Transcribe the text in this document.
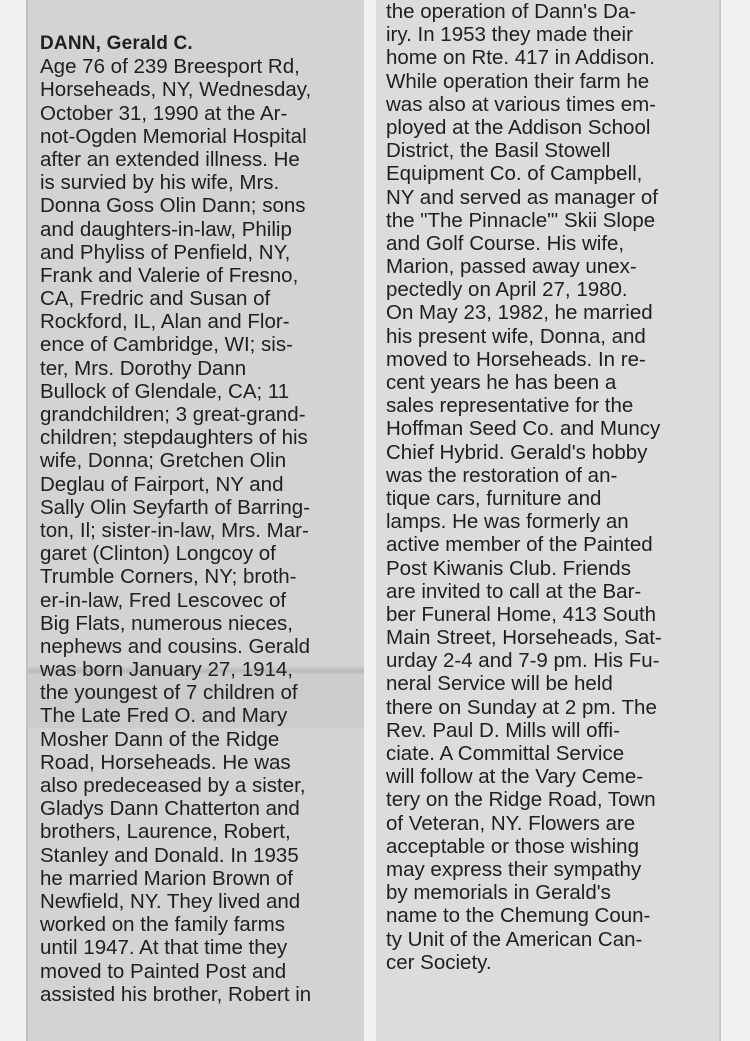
DANN, Gerald C.
Age 76 of 239 Breesport Rd,
Horseheads, NY, Wednesday,
October 31, 1990 at the Ar-
not-Ogden Memorial Hospital
after an extended illness. He
is survied by his wife, Mrs.
Donna Goss Olin Dann; sons
and daughters-in-law, Philip
and Phyliss of Penfield, NY,
Frank and Valerie of Fresno,
CA, Fredric and Susan of
Rockford, IL, Alan and Flor-
ence of Cambridge, WI; sis-
ter, Mrs. Dorothy Dann
Bullock of Glendale, CA; 11
grandchildren; 3 great-grand-
children; stepdaughters of his
wife, Donna; Gretchen Olin
Deglau of Fairport, NY and
Sally Olin Seyfarth of Barring-
ton, Il; sister-in-law, Mrs. Mar-
garet (Clinton) Longcoy of
Trumble Corners, NY; broth-
er-in-law, Fred Lescovec of
Big Flats, numerous nieces,
nephews and cousins. Gerald
was born January 27, 1914,
the youngest of 7 children of
The Late Fred O. and Mary
Mosher Dann of the Ridge
Road, Horseheads. He was
also predeceased by a sister,
Gladys Dann Chatterton and
brothers, Laurence, Robert,
Stanley and Donald. In 1935
he married Marion Brown of
Newfield, NY. They lived and
worked on the family farms
until 1947. At that time they
moved to Painted Post and
assisted his brother, Robert in
the operation of Dann's Da-
iry. In 1953 they made their
home on Rte. 417 in Addison.
While operation their farm he
was also at various times em-
ployed at the Addison School
District, the Basil Stowell
Equipment Co. of Campbell,
NY and served as manager of
the "The Pinnacle"' Skii Slope
and Golf Course. His wife,
Marion, passed away unex-
pectedly on April 27, 1980.
On May 23, 1982, he married
his present wife, Donna, and
moved to Horseheads. In re-
cent years he has been a
sales representative for the
Hoffman Seed Co. and Muncy
Chief Hybrid. Gerald's hobby
was the restoration of an-
tique cars, furniture and
lamps. He was formerly an
active member of the Painted
Post Kiwanis Club. Friends
are invited to call at the Bar-
ber Funeral Home, 413 South
Main Street, Horseheads, Sat-
urday 2-4 and 7-9 pm. His Fu-
neral Service will be held
there on Sunday at 2 pm. The
Rev. Paul D. Mills will offi-
ciate. A Committal Service
will follow at the Vary Ceme-
tery on the Ridge Road, Town
of Veteran, NY. Flowers are
acceptable or those wishing
may express their sympathy
by memorials in Gerald's
name to the Chemung Coun-
ty Unit of the American Can-
cer Society.
